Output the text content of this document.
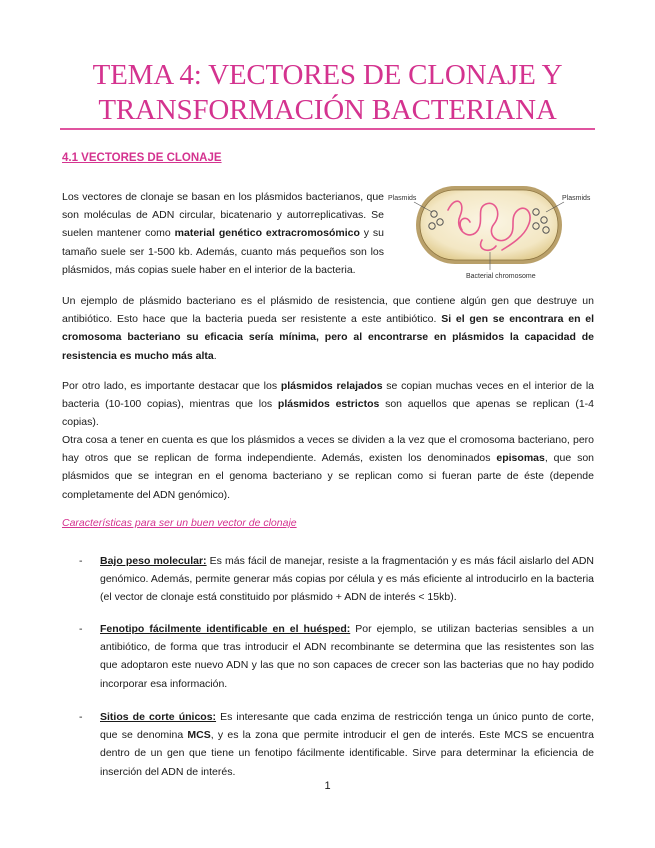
TEMA 4: VECTORES DE CLONAJE Y
TRANSFORMACIÓN BACTERIANA
4.1 VECTORES DE CLONAJE
Los vectores de clonaje se basan en los plásmidos bacterianos, que son moléculas de ADN circular, bicatenario y autorreplicativas. Se suelen mantener como material genético extracromosómico y su tamaño suele ser 1-500 kb. Además, cuanto más pequeños son los plásmidos, más copias suele haber en el interior de la bacteria.
Plasmids	Plasmids
Bacterial chromosome
Un ejemplo de plásmido bacteriano es el plásmido de resistencia, que contiene algún gen que destruye un antibiótico. Esto hace que la bacteria pueda ser resistente a este antibiótico. Si el gen se encontrara en el cromosoma bacteriano su eficacia sería mínima, pero al encontrarse en plásmidos la capacidad de resistencia es mucho más alta.
Por otro lado, es importante destacar que los plásmidos relajados se copian muchas veces en el interior de la bacteria (10-100 copias), mientras que los plásmidos estrictos son aquellos que apenas se replican (1-4 copias).
Otra cosa a tener en cuenta es que los plásmidos a veces se dividen a la vez que el cromosoma bacteriano, pero hay otros que se replican de forma independiente. Además, existen los denominados episomas, que son plásmidos que se integran en el genoma bacteriano y se replican como si fueran parte de éste (depende completamente del ADN genómico).
Características para ser un buen vector de clonaje
- Bajo peso molecular: Es más fácil de manejar, resiste a la fragmentación y es más fácil aislarlo del ADN genómico. Además, permite generar más copias por célula y es más eficiente al introducirlo en la bacteria (el vector de clonaje está constituido por plásmido + ADN de interés < 15kb).
- Fenotipo fácilmente identificable en el huésped: Por ejemplo, se utilizan bacterias sensibles a un antibiótico, de forma que tras introducir el ADN recombinante se determina que las resistentes son las que adoptaron este nuevo ADN y las que no son capaces de crecer son las bacterias que no hay podido incorporar esa información.
- Sitios de corte únicos: Es interesante que cada enzima de restricción tenga un único punto de corte, que se denomina MCS, y es la zona que permite introducir el gen de interés. Este MCS se encuentra dentro de un gen que tiene un fenotipo fácilmente identificable. Sirve para determinar la eficiencia de inserción del ADN de interés.
1
